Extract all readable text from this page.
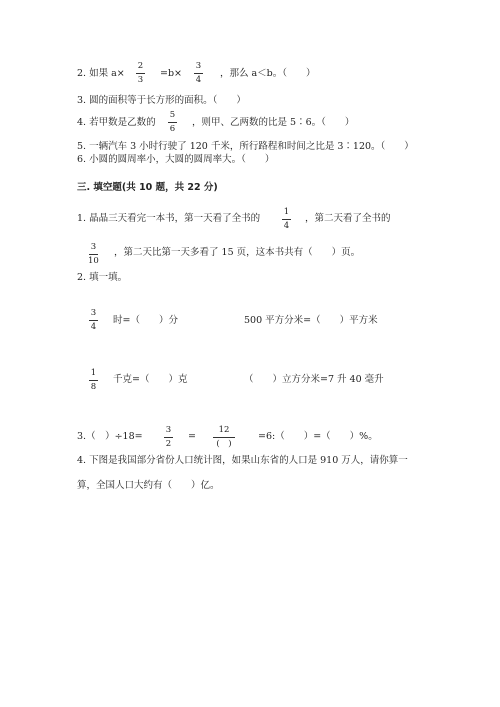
2. 如果 a×
2
3
=b×
3
4
，那么 a＜b。（　　）
3. 圆的面积等于长方形的面积。（　　）
4. 若甲数是乙数的
5
6
，则甲、乙两数的比是 5∶6。（　　）
5. 一辆汽车 3 小时行驶了 120 千米，所行路程和时间之比是 3∶120。（　　）
6. 小圆的圆周率小，大圆的圆周率大。（　　）
三. 填空题(共 10 题，共 22 分)
1. 晶晶三天看完一本书，第一天看了全书的
1
4
，第二天看了全书的
3
10
，第二天比第一天多看了 15 页，这本书共有（　　）页。
2. 填一填。
3
4
时=（　　）分	500 平方分米=（　　）平方米
1
8
千克=（　　）克	（　　）立方分米=7 升 40 毫升
3.（　）÷18=
3
2
=
12
(　)
=6:（　　）=（　　）%。
4. 下图是我国部分省份人口统计图，如果山东省的人口是 910 万人，请你算一
算，全国人口大约有（　　）亿。
